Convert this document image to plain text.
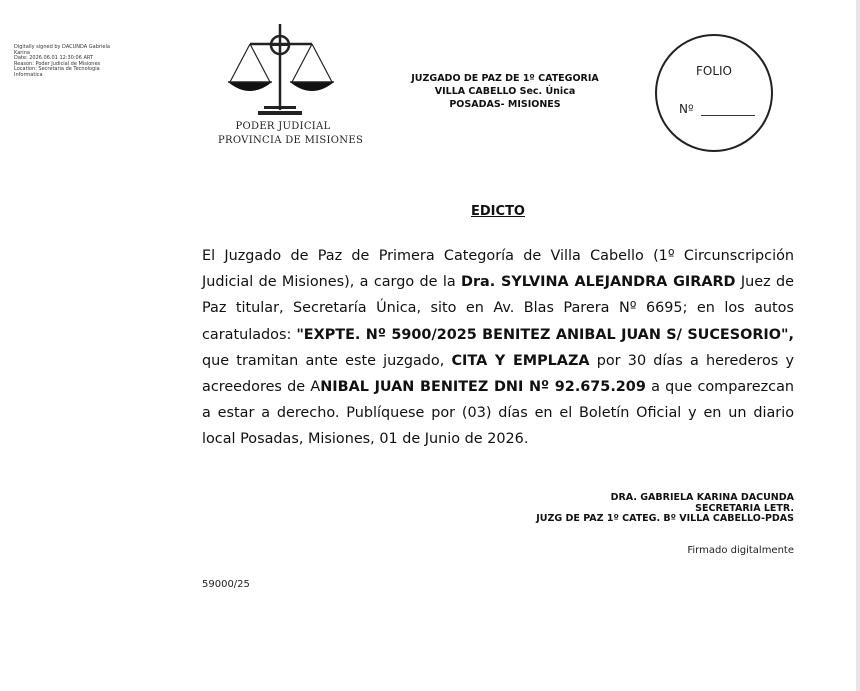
Digitally signed by DACUNDA Gabriela
Karina
Date: 2026.06.01 12:30:06 ART
Reason: Poder Judicial de Misiones
Location: Secretaria de Tecnologia
Informatica
PODER JUDICIAL
PROVINCIA DE MISIONES
JUZGADO DE PAZ DE 1º CATEGORIA
VILLA CABELLO Sec. Única
POSADAS- MISIONES
FOLIO
Nº
EDICTO
El Juzgado de Paz de Primera Categoría de Villa Cabello (1º Circunscripción Judicial de Misiones), a cargo de la Dra. SYLVINA ALEJANDRA GIRARD Juez de Paz titular, Secretaría Única, sito en Av. Blas Parera Nº 6695; en los autos caratulados: "EXPTE. Nº 5900/2025 BENITEZ ANIBAL JUAN S/ SUCESORIO", que tramitan ante este juzgado, CITA Y EMPLAZA por 30 días a herederos y acreedores de ANIBAL JUAN BENITEZ DNI Nº 92.675.209 a que comparezcan a estar a derecho. Publíquese por (03) días en el Boletín Oficial y en un diario local Posadas, Misiones, 01 de Junio de 2026.
DRA. GABRIELA KARINA DACUNDA
SECRETARIA LETR.
JUZG DE PAZ 1º CATEG. Bº VILLA CABELLO-PDAS
Firmado digitalmente
59000/25
